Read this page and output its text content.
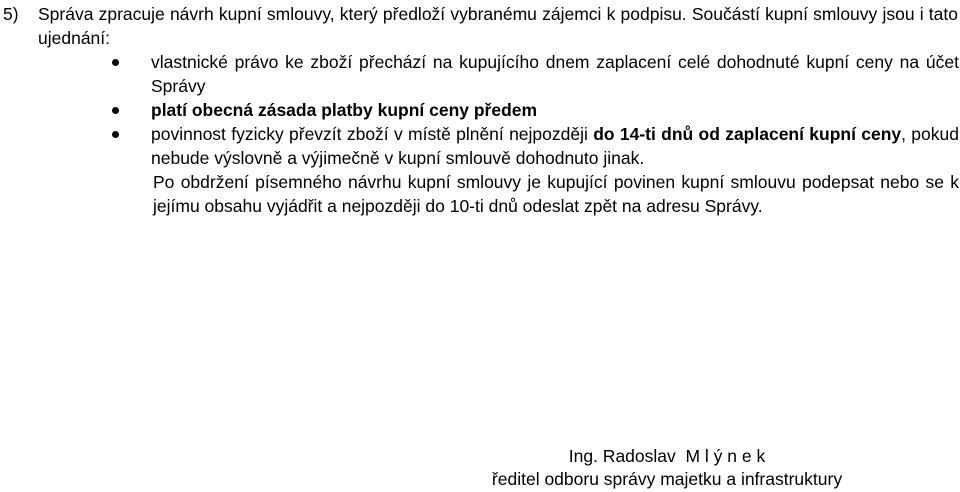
5) Správa zpracuje návrh kupní smlouvy, který předloží vybranému zájemci k podpisu. Součástí kupní smlouvy jsou i tato ujednání:

vlastnické právo ke zboží přechází na kupujícího dnem zaplacení celé dohodnuté kupní ceny na účet Správy
platí obecná zásada platby kupní ceny předem
povinnost fyzicky převzít zboží v místě plnění nejpozději do 14-ti dnů od zaplacení kupní ceny, pokud nebude výslovně a výjimečně v kupní smlouvě dohodnuto jinak.
Po obdržení písemného návrhu kupní smlouvy je kupující povinen kupní smlouvu podepsat nebo se k jejímu obsahu vyjádřit a nejpozději do 10-ti dnů odeslat zpět na adresu Správy.
Ing. Radoslav  M l ý n e k
ředitel odboru správy majetku a infrastruktury
